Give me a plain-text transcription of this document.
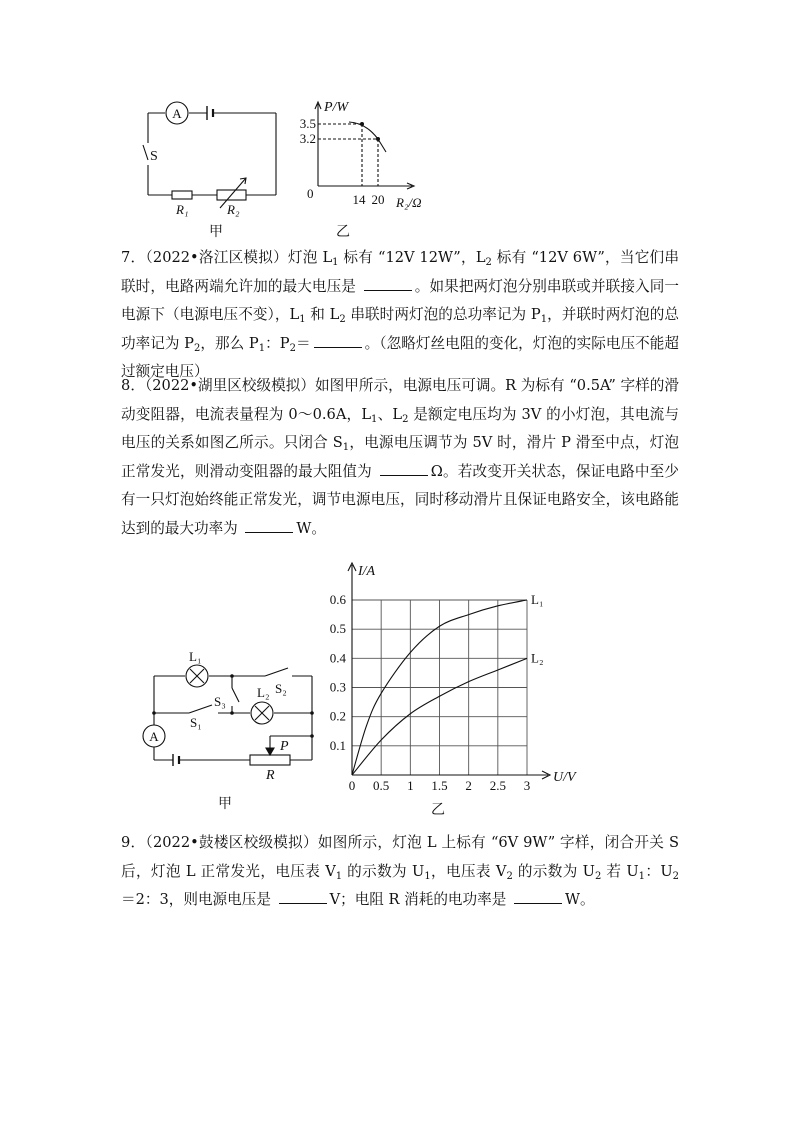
A
S
R₁	R₂
甲
P/W
3.5
3.2
0	14 20 R₂/Ω
乙
7．（2022•洛江区模拟）灯泡 $L_1$ 标有 “12V 12W”，$L_2$ 标有 “12V 6W”，当它们串联时，电路两端允许加的最大电压是	。如果把两灯泡分别串联或并联接入同一电源下（电源电压不变），$L_1$ 和 $L_2$ 串联时两灯泡的总功率记为 $P_1$，并联时两灯泡的总功率记为 $P_2$，那么 $P_1$：$P_2=$	。（忽略灯丝电阻的变化，灯泡的实际电压不能超过额定电压）
8．（2022•湖里区校级模拟）如图甲所示，电源电压可调。R 为标有 “0.5A” 字样的滑动变阻器，电流表量程为 0～0.6A，$L_1$、$L_2$ 是额定电压均为 3V 的小灯泡，其电流与电压的关系如图乙所示。只闭合 $S_1$，电源电压调节为 5V 时，滑片 P 滑至中点，灯泡正常发光，则滑动变阻器的最大阻值为	Ω。若改变开关状态，保证电路中至少有一只灯泡始终能正常发光，调节电源电压，同时移动滑片且保证电路安全，该电路能达到的最大功率为	W。
A
L₁
L₂ S₂
S₃
S₁
P
R
甲
0 0.5 1 1.5 2 2.5 3
0.1
0.2
0.3
0.4
0.5
0.6	L₁
L₂
I/A
U/V
乙
9．（2022•鼓楼区校级模拟）如图所示，灯泡 L 上标有 “6V 9W” 字样，闭合开关 S 后，灯泡 L 正常发光，电压表 $V_1$ 的示数为 $U_1$，电压表 $V_2$ 的示数为 $U_2$ 若 $U_1$：$U_2=2$：3，则电源电压是	V；电阻 R 消耗的电功率是	W。
